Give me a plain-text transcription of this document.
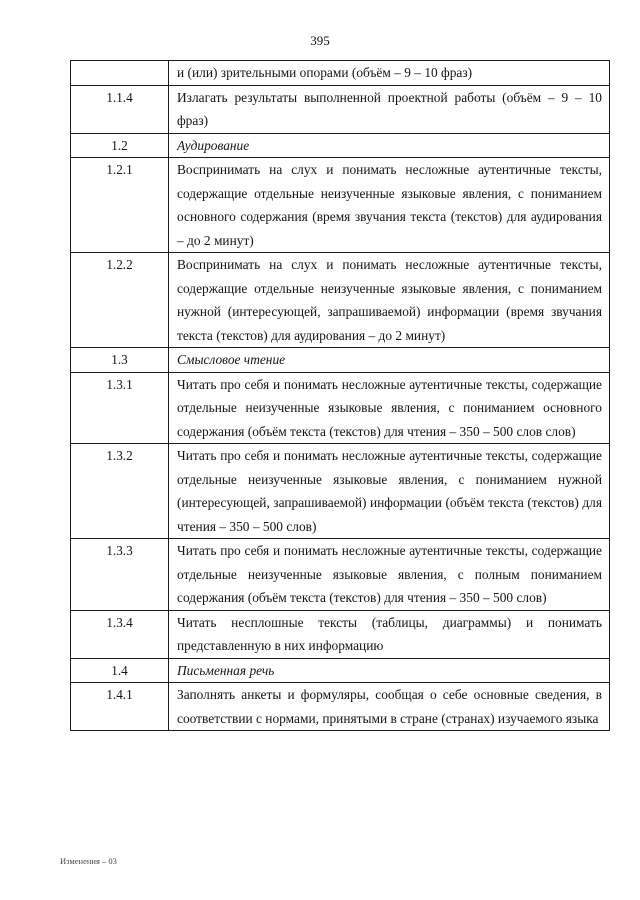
395
и (или) зрительными опорами (объём – 9 – 10 фраз)
1.1.4	Излагать результаты выполненной проектной работы (объём – 9 – 10 фраз)
1.2	Аудирование
1.2.1	Воспринимать на слух и понимать несложные аутентичные тексты, содержащие отдельные неизученные языковые явления, с пониманием основного содержания (время звучания текста (текстов) для аудирования – до 2 минут)
1.2.2	Воспринимать на слух и понимать несложные аутентичные тексты, содержащие отдельные неизученные языковые явления, с пониманием нужной (интересующей, запрашиваемой) информации (время звучания текста (текстов) для аудирования – до 2 минут)
1.3	Смысловое чтение
1.3.1	Читать про себя и понимать несложные аутентичные тексты, содержащие отдельные неизученные языковые явления, с пониманием основного содержания (объём текста (текстов) для чтения – 350 – 500 слов слов)
1.3.2	Читать про себя и понимать несложные аутентичные тексты, содержащие отдельные неизученные языковые явления, с пониманием нужной (интересующей, запрашиваемой) информации (объём текста (текстов) для чтения – 350 – 500 слов)
1.3.3	Читать про себя и понимать несложные аутентичные тексты, содержащие отдельные неизученные языковые явления, с полным пониманием содержания (объём текста (текстов) для чтения – 350 – 500 слов)
1.3.4	Читать несплошные тексты (таблицы, диаграммы) и понимать представленную в них информацию
1.4	Письменная речь
1.4.1	Заполнять анкеты и формуляры, сообщая о себе основные сведения, в соответствии с нормами, принятыми в стране (странах) изучаемого языка
Изменения – 03
